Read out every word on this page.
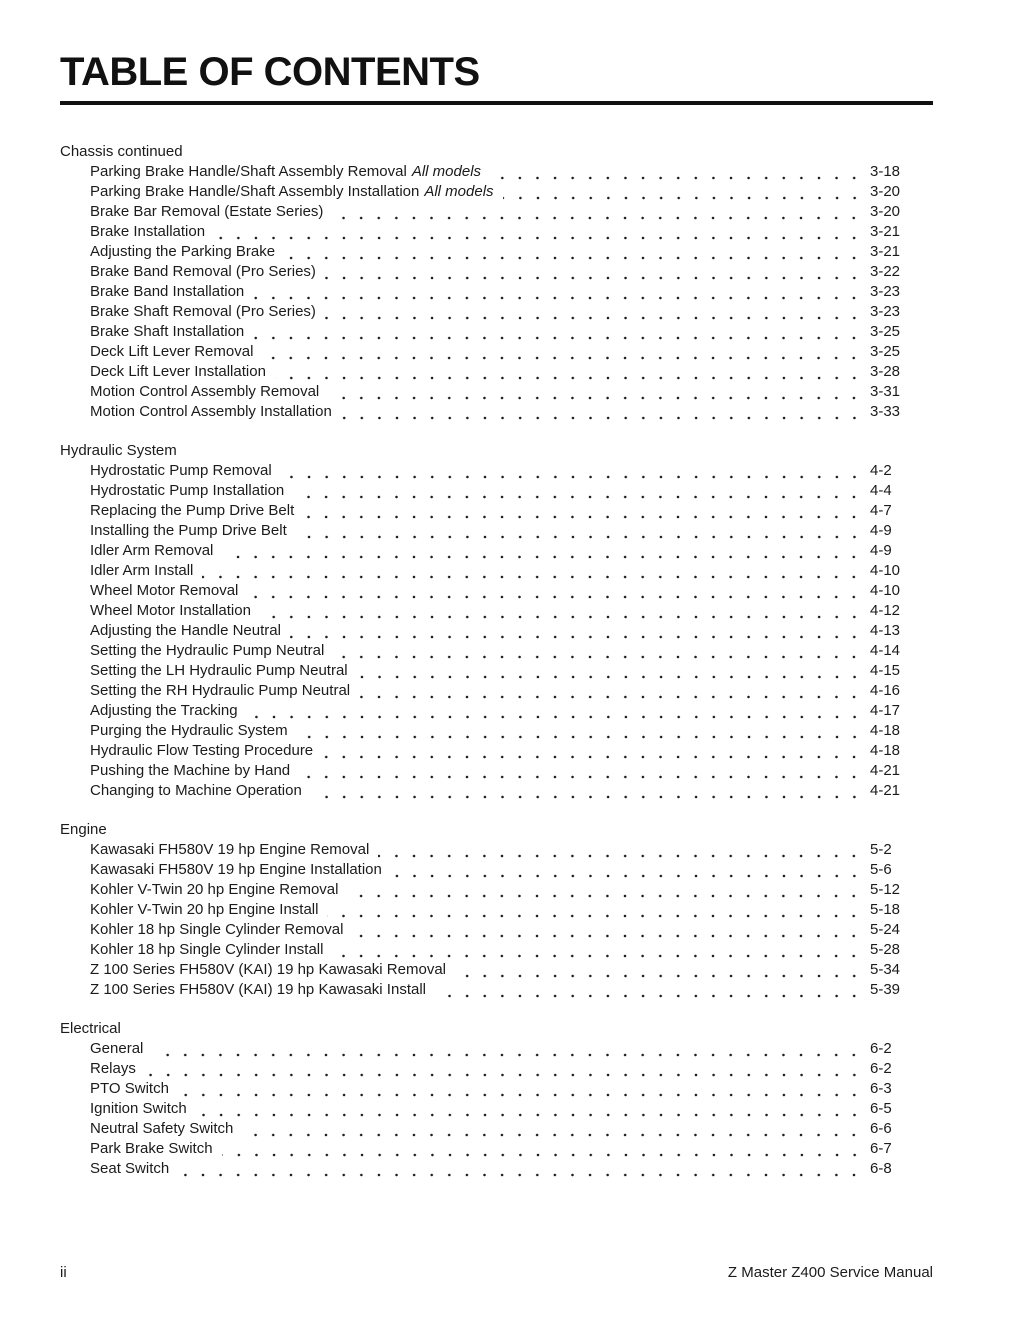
TABLE OF CONTENTS
Chassis continued
Parking Brake Handle/Shaft Assembly Removal All models	3-18
Parking Brake Handle/Shaft Assembly Installation All models	3-20
Brake Bar Removal (Estate Series)	3-20
Brake Installation	3-21
Adjusting the Parking Brake	3-21
Brake Band Removal (Pro Series)	3-22
Brake Band Installation	3-23
Brake Shaft Removal (Pro Series)	3-23
Brake Shaft Installation	3-25
Deck Lift Lever Removal	3-25
Deck Lift Lever Installation	3-28
Motion Control Assembly Removal	3-31
Motion Control Assembly Installation	3-33
Hydraulic System
Hydrostatic Pump Removal	4-2
Hydrostatic Pump Installation	4-4
Replacing the Pump Drive Belt	4-7
Installing the Pump Drive Belt	4-9
Idler Arm Removal	4-9
Idler Arm Install	4-10
Wheel Motor Removal	4-10
Wheel Motor Installation	4-12
Adjusting the Handle Neutral	4-13
Setting the Hydraulic Pump Neutral	4-14
Setting the LH Hydraulic Pump Neutral	4-15
Setting the RH Hydraulic Pump Neutral	4-16
Adjusting the Tracking	4-17
Purging the Hydraulic System	4-18
Hydraulic Flow Testing Procedure	4-18
Pushing the Machine by Hand	4-21
Changing to Machine Operation	4-21
Engine
Kawasaki FH580V 19 hp Engine Removal	5-2
Kawasaki FH580V 19 hp Engine Installation	5-6
Kohler V-Twin 20 hp Engine Removal	5-12
Kohler V-Twin 20 hp Engine Install	5-18
Kohler 18 hp Single Cylinder Removal	5-24
Kohler 18 hp Single Cylinder Install	5-28
Z 100 Series FH580V (KAI) 19 hp Kawasaki Removal	5-34
Z 100 Series FH580V (KAI) 19 hp Kawasaki Install	5-39
Electrical
General	6-2
Relays	6-2
PTO Switch	6-3
Ignition Switch	6-5
Neutral Safety Switch	6-6
Park Brake Switch	6-7
Seat Switch	6-8
ii	Z Master Z400 Service Manual
